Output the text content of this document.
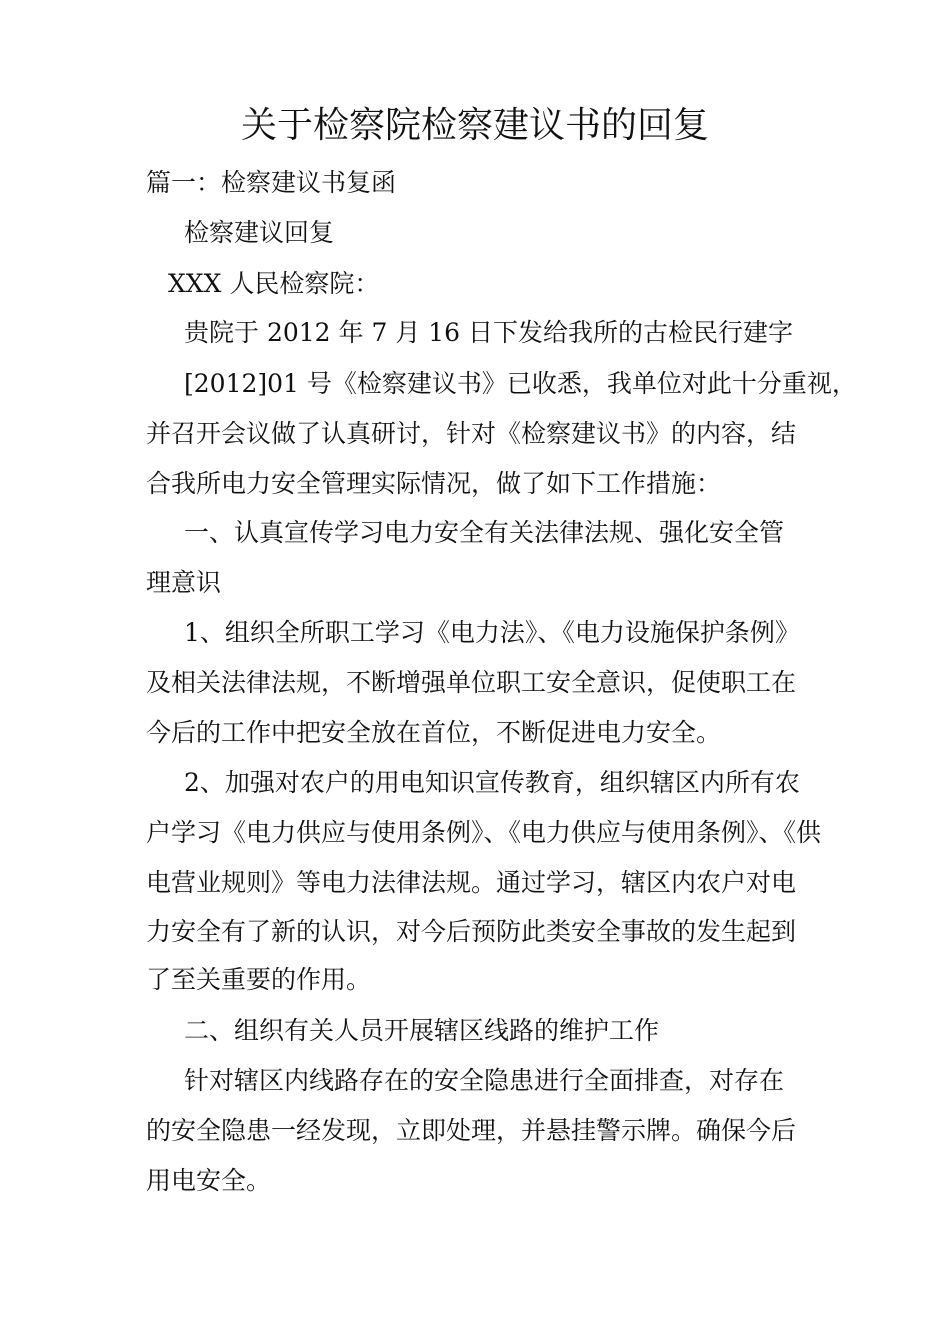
关于检察院检察建议书的回复
篇一：检察建议书复函
检察建议回复
XXX 人民检察院：
贵院于 2012 年 7 月 16 日下发给我所的古检民行建字
[2012]01 号《检察建议书》已收悉，我单位对此十分重视，
并召开会议做了认真研讨，针对《检察建议书》的内容，结
合我所电力安全管理实际情况，做了如下工作措施：
一、认真宣传学习电力安全有关法律法规、强化安全管
理意识
1、组织全所职工学习《电力法》、《电力设施保护条例》
及相关法律法规，不断增强单位职工安全意识，促使职工在
今后的工作中把安全放在首位，不断促进电力安全。
2、加强对农户的用电知识宣传教育，组织辖区内所有农
户学习《电力供应与使用条例》、《电力供应与使用条例》、《供
电营业规则》等电力法律法规。通过学习，辖区内农户对电
力安全有了新的认识，对今后预防此类安全事故的发生起到
了至关重要的作用。
二、组织有关人员开展辖区线路的维护工作
针对辖区内线路存在的安全隐患进行全面排查，对存在
的安全隐患一经发现，立即处理，并悬挂警示牌。确保今后
用电安全。
